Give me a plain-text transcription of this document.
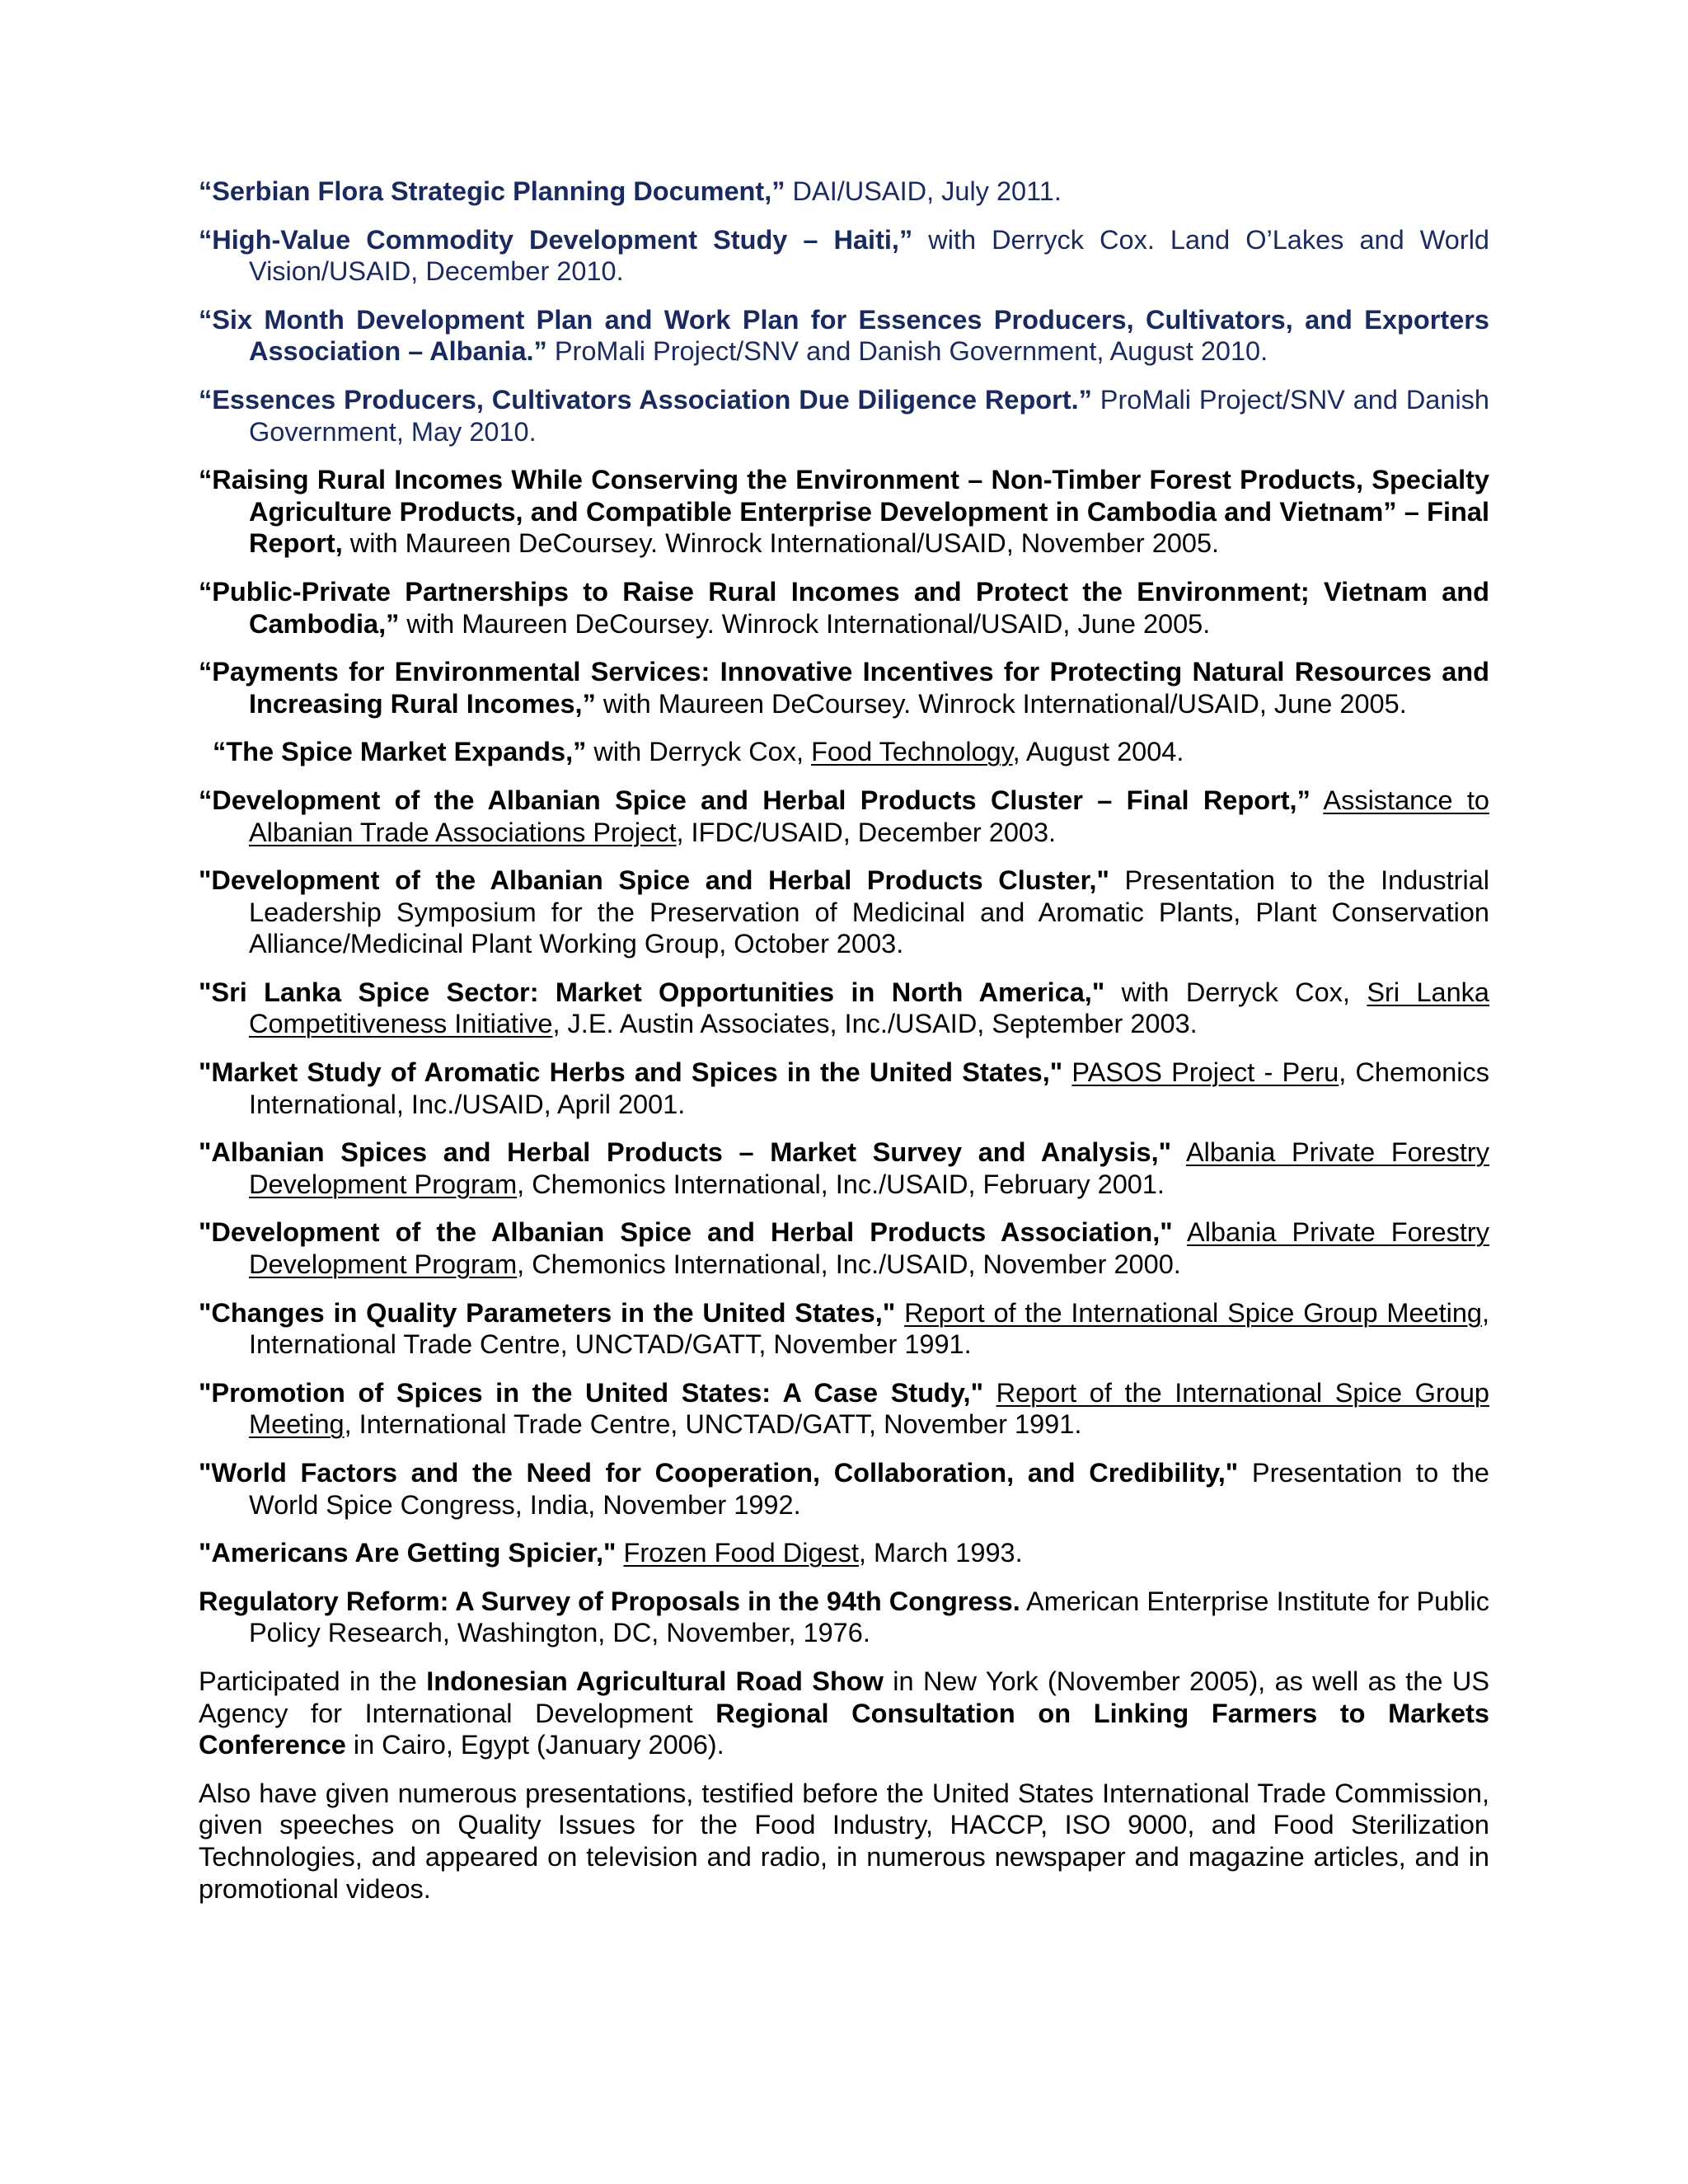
“Serbian Flora Strategic Planning Document,” DAI/USAID, July 2011.

“High-Value Commodity Development Study – Haiti,” with Derryck Cox. Land O’Lakes and World Vision/USAID, December 2010.

“Six Month Development Plan and Work Plan for Essences Producers, Cultivators, and Exporters Association – Albania.” ProMali Project/SNV and Danish Government, August 2010.

“Essences Producers, Cultivators Association Due Diligence Report.” ProMali Project/SNV and Danish Government, May 2010.

“Raising Rural Incomes While Conserving the Environment – Non-Timber Forest Products, Specialty Agriculture Products, and Compatible Enterprise Development in Cambodia and Vietnam” – Final Report, with Maureen DeCoursey. Winrock International/USAID, November 2005.

“Public-Private Partnerships to Raise Rural Incomes and Protect the Environment; Vietnam and Cambodia,” with Maureen DeCoursey. Winrock International/USAID, June 2005.

“Payments for Environmental Services: Innovative Incentives for Protecting Natural Resources and Increasing Rural Incomes,” with Maureen DeCoursey. Winrock International/USAID, June 2005.

“The Spice Market Expands,” with Derryck Cox, Food Technology, August 2004.

“Development of the Albanian Spice and Herbal Products Cluster – Final Report,” Assistance to Albanian Trade Associations Project, IFDC/USAID, December 2003.

"Development of the Albanian Spice and Herbal Products Cluster," Presentation to the Industrial Leadership Symposium for the Preservation of Medicinal and Aromatic Plants, Plant Conservation Alliance/Medicinal Plant Working Group, October 2003.

"Sri Lanka Spice Sector: Market Opportunities in North America," with Derryck Cox, Sri Lanka Competitiveness Initiative, J.E. Austin Associates, Inc./USAID, September 2003.

"Market Study of Aromatic Herbs and Spices in the United States," PASOS Project - Peru, Chemonics International, Inc./USAID, April 2001.

"Albanian Spices and Herbal Products – Market Survey and Analysis," Albania Private Forestry Development Program, Chemonics International, Inc./USAID, February 2001.

"Development of the Albanian Spice and Herbal Products Association," Albania Private Forestry Development Program, Chemonics International, Inc./USAID, November 2000.

"Changes in Quality Parameters in the United States," Report of the International Spice Group Meeting, International Trade Centre, UNCTAD/GATT, November 1991.

"Promotion of Spices in the United States: A Case Study," Report of the International Spice Group Meeting, International Trade Centre, UNCTAD/GATT, November 1991.

"World Factors and the Need for Cooperation, Collaboration, and Credibility," Presentation to the World Spice Congress, India, November 1992.

"Americans Are Getting Spicier," Frozen Food Digest, March 1993.

Regulatory Reform: A Survey of Proposals in the 94th Congress. American Enterprise Institute for Public Policy Research, Washington, DC, November, 1976.

Participated in the Indonesian Agricultural Road Show in New York (November 2005), as well as the US Agency for International Development Regional Consultation on Linking Farmers to Markets Conference in Cairo, Egypt (January 2006).

Also have given numerous presentations, testified before the United States International Trade Commission, given speeches on Quality Issues for the Food Industry, HACCP, ISO 9000, and Food Sterilization Technologies, and appeared on television and radio, in numerous newspaper and magazine articles, and in promotional videos.
